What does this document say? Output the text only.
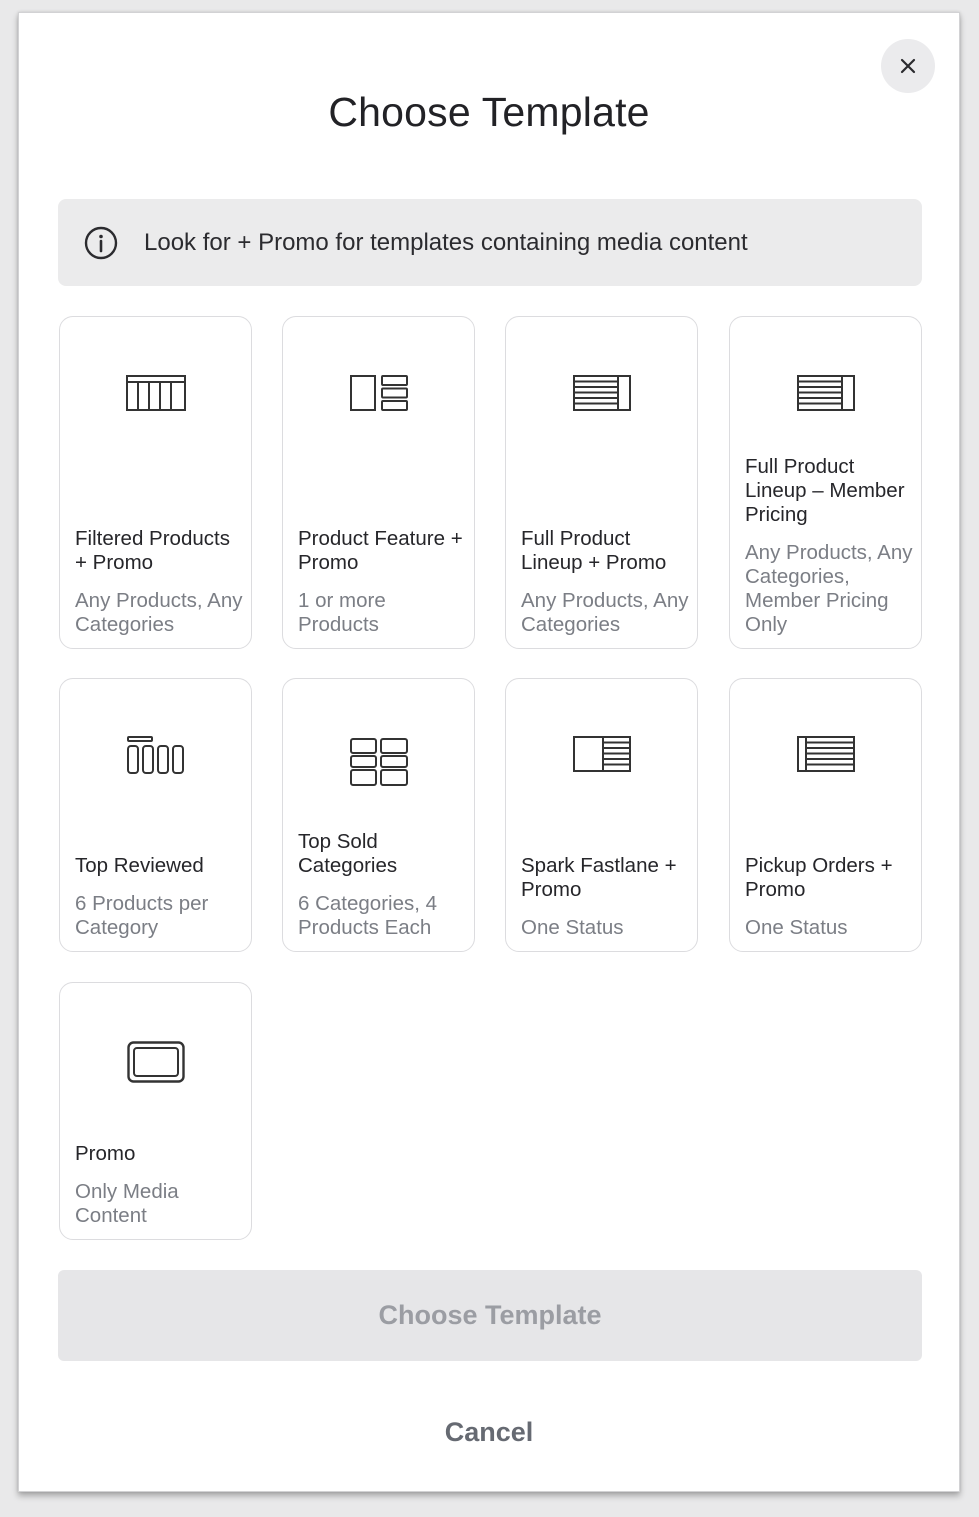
Choose Template
Look for + Promo for templates containing media content
Filtered Products + Promo
Any Products, Any Categories
Product Feature + Promo
1 or more Products
Full Product Lineup + Promo
Any Products, Any Categories
Full Product Lineup – Member Pricing
Any Products, Any Categories, Member Pricing Only
Top Reviewed
6 Products per Category
Top Sold Categories
6 Categories, 4 Products Each
Spark Fastlane + Promo
One Status
Pickup Orders + Promo
One Status
Promo
Only Media Content
Choose Template
Cancel
